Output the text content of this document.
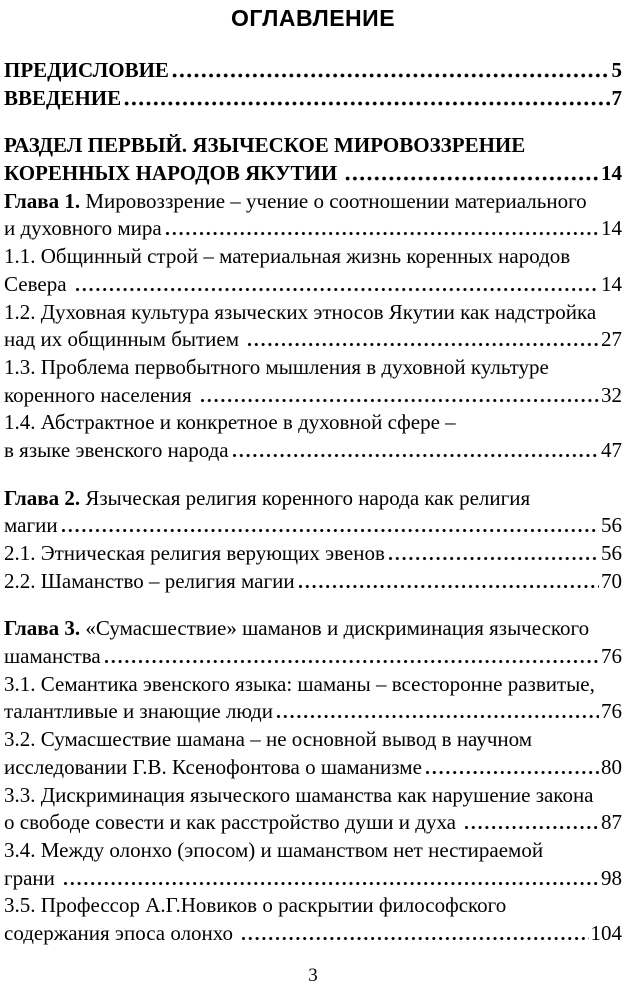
ОГЛАВЛЕНИЕ
ПРЕДИСЛОВИЕ	5
ВВЕДЕНИЕ	7
РАЗДЕЛ ПЕРВЫЙ. ЯЗЫЧЕСКОЕ МИРОВОЗЗРЕНИЕ
КОРЕННЫХ НАРОДОВ ЯКУТИИ	14
Глава 1. Мировоззрение – учение о соотношении материального
и духовного мира	14
1.1. Общинный строй – материальная жизнь коренных народов
Севера	14
1.2. Духовная культура языческих этносов Якутии как надстройка
над их общинным бытием	27
1.3. Проблема первобытного мышления в духовной культуре
коренного населения	32
1.4. Абстрактное и конкретное в духовной сфере –
в языке эвенского народа	47
Глава 2. Языческая религия коренного народа как религия
магии	56
2.1. Этническая религия верующих эвенов	56
2.2. Шаманство – религия магии	70
Глава 3. «Сумасшествие» шаманов и дискриминация языческого
шаманства	76
3.1. Семантика эвенского языка: шаманы – всесторонне развитые,
талантливые и знающие люди	76
3.2. Сумасшествие шамана – не основной вывод в научном
исследовании Г.В. Ксенофонтова о шаманизме	80
3.3. Дискриминация языческого шаманства как нарушение закона
о свободе совести и как расстройство души и духа	87
3.4. Между олонхо (эпосом) и шаманством нет нестираемой
грани	98
3.5. Профессор А.Г.Новиков о раскрытии философского
содержания эпоса олонхо	104
3
